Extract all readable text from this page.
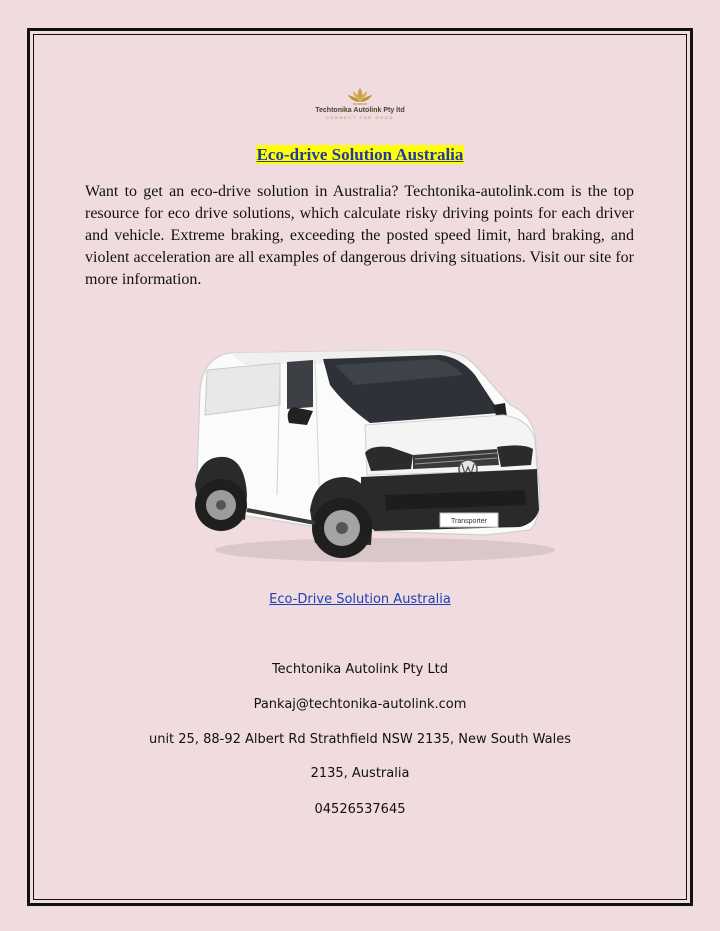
Techtonika Autolink Pty ltd
CONNECT FOR GOOD
Eco-drive Solution Australia

Want to get an eco-drive solution in Australia? Techtonika-autolink.com is the top resource for eco drive solutions, which calculate risky driving points for each driver and vehicle. Extreme braking, exceeding the posted speed limit, hard braking, and violent acceleration are all examples of dangerous driving situations. Visit our site for more information.

Transporter
Eco-Drive Solution Australia
Techtonika Autolink Pty Ltd
Pankaj@techtonika-autolink.com
unit 25, 88-92 Albert Rd Strathfield NSW 2135, New South Wales
2135, Australia
04526537645
